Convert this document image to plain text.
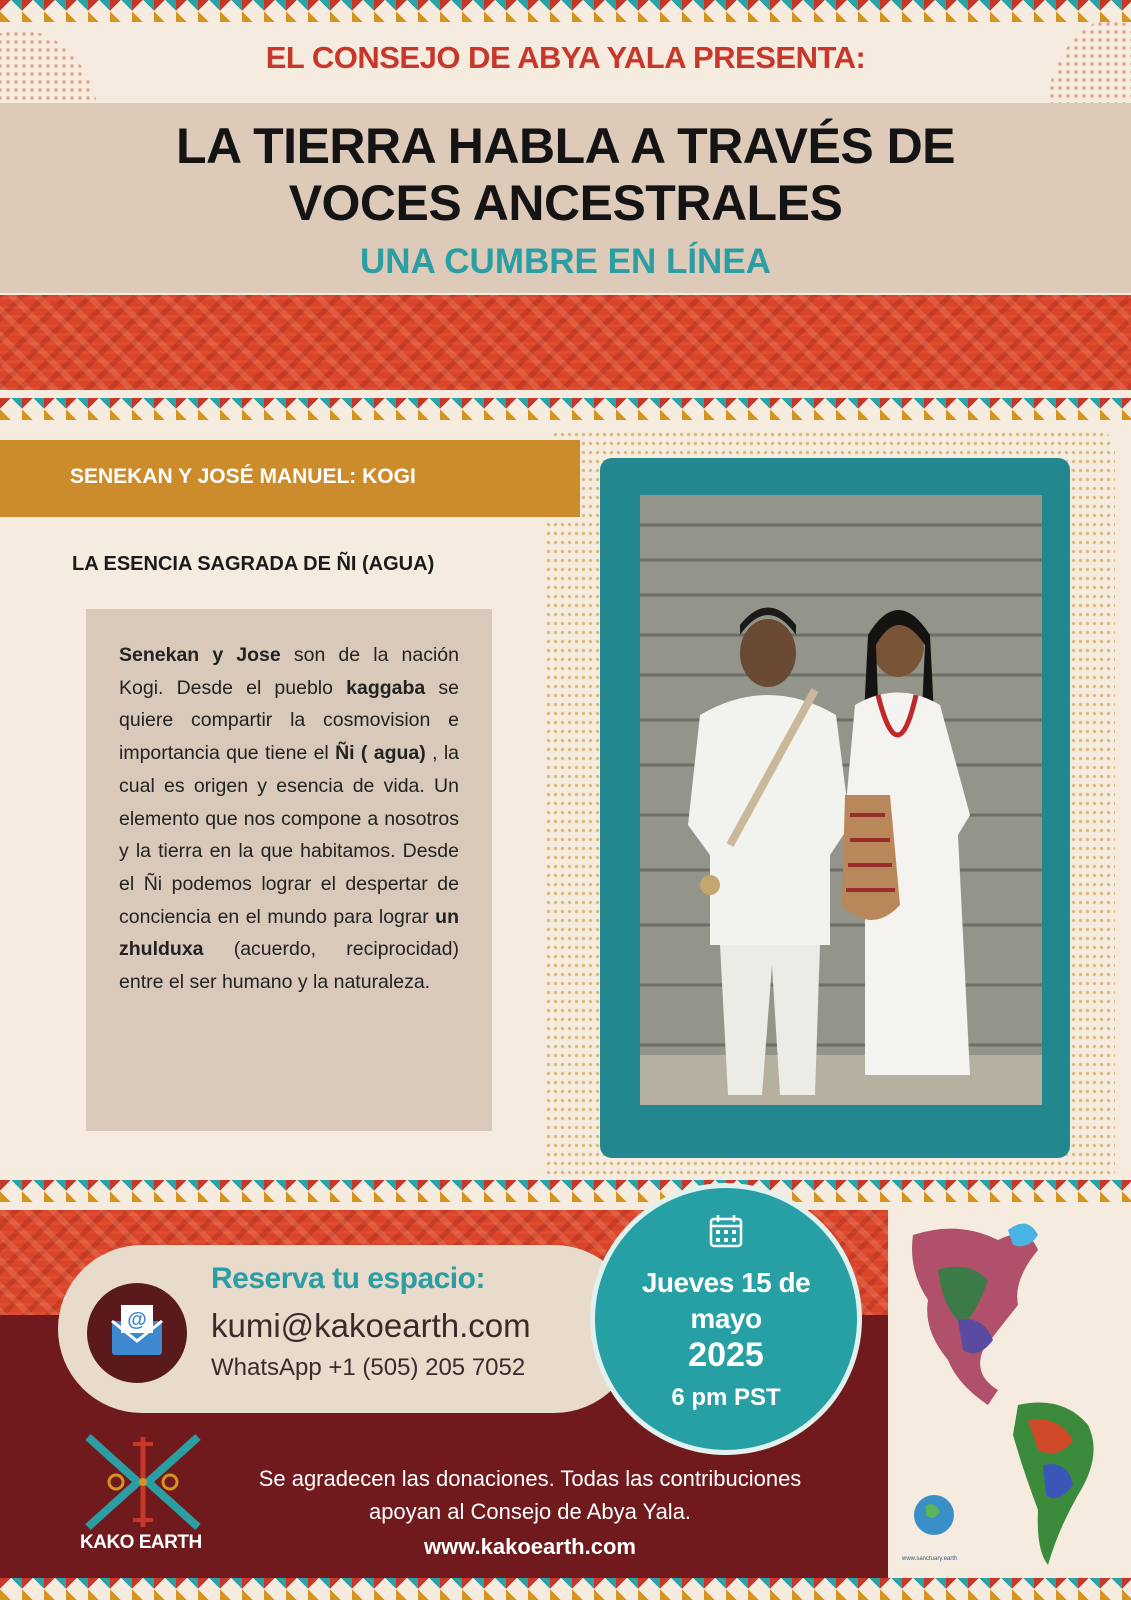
EL CONSEJO DE ABYA YALA PRESENTA:
LA TIERRA HABLA A TRAVÉS DE
VOCES ANCESTRALES
UNA CUMBRE EN LÍNEA
SENEKAN Y JOSÉ MANUEL: KOGI
LA ESENCIA SAGRADA DE ÑI (AGUA)
Senekan y Jose son de la nación Kogi. Desde el pueblo kaggaba se quiere compartir la cosmovision e importancia que tiene el Ñi ( agua) , la cual es origen y esencia de vida. Un elemento que nos compone a nosotros y la tierra en la que habitamos. Desde el Ñi podemos lograr el despertar de conciencia en el mundo para lograr un zhulduxa (acuerdo, reciprocidad) entre el ser humano y la naturaleza.
www.sanctuary.earth
@
Reserva tu espacio:
kumi@kakoearth.com
WhatsApp +1 (505) 205 7052
Jueves 15 de
mayo
2025
6 pm PST
KAKO EARTH
Se agradecen las donaciones. Todas las contribuciones
apoyan al Consejo de Abya Yala.
www.kakoearth.com
